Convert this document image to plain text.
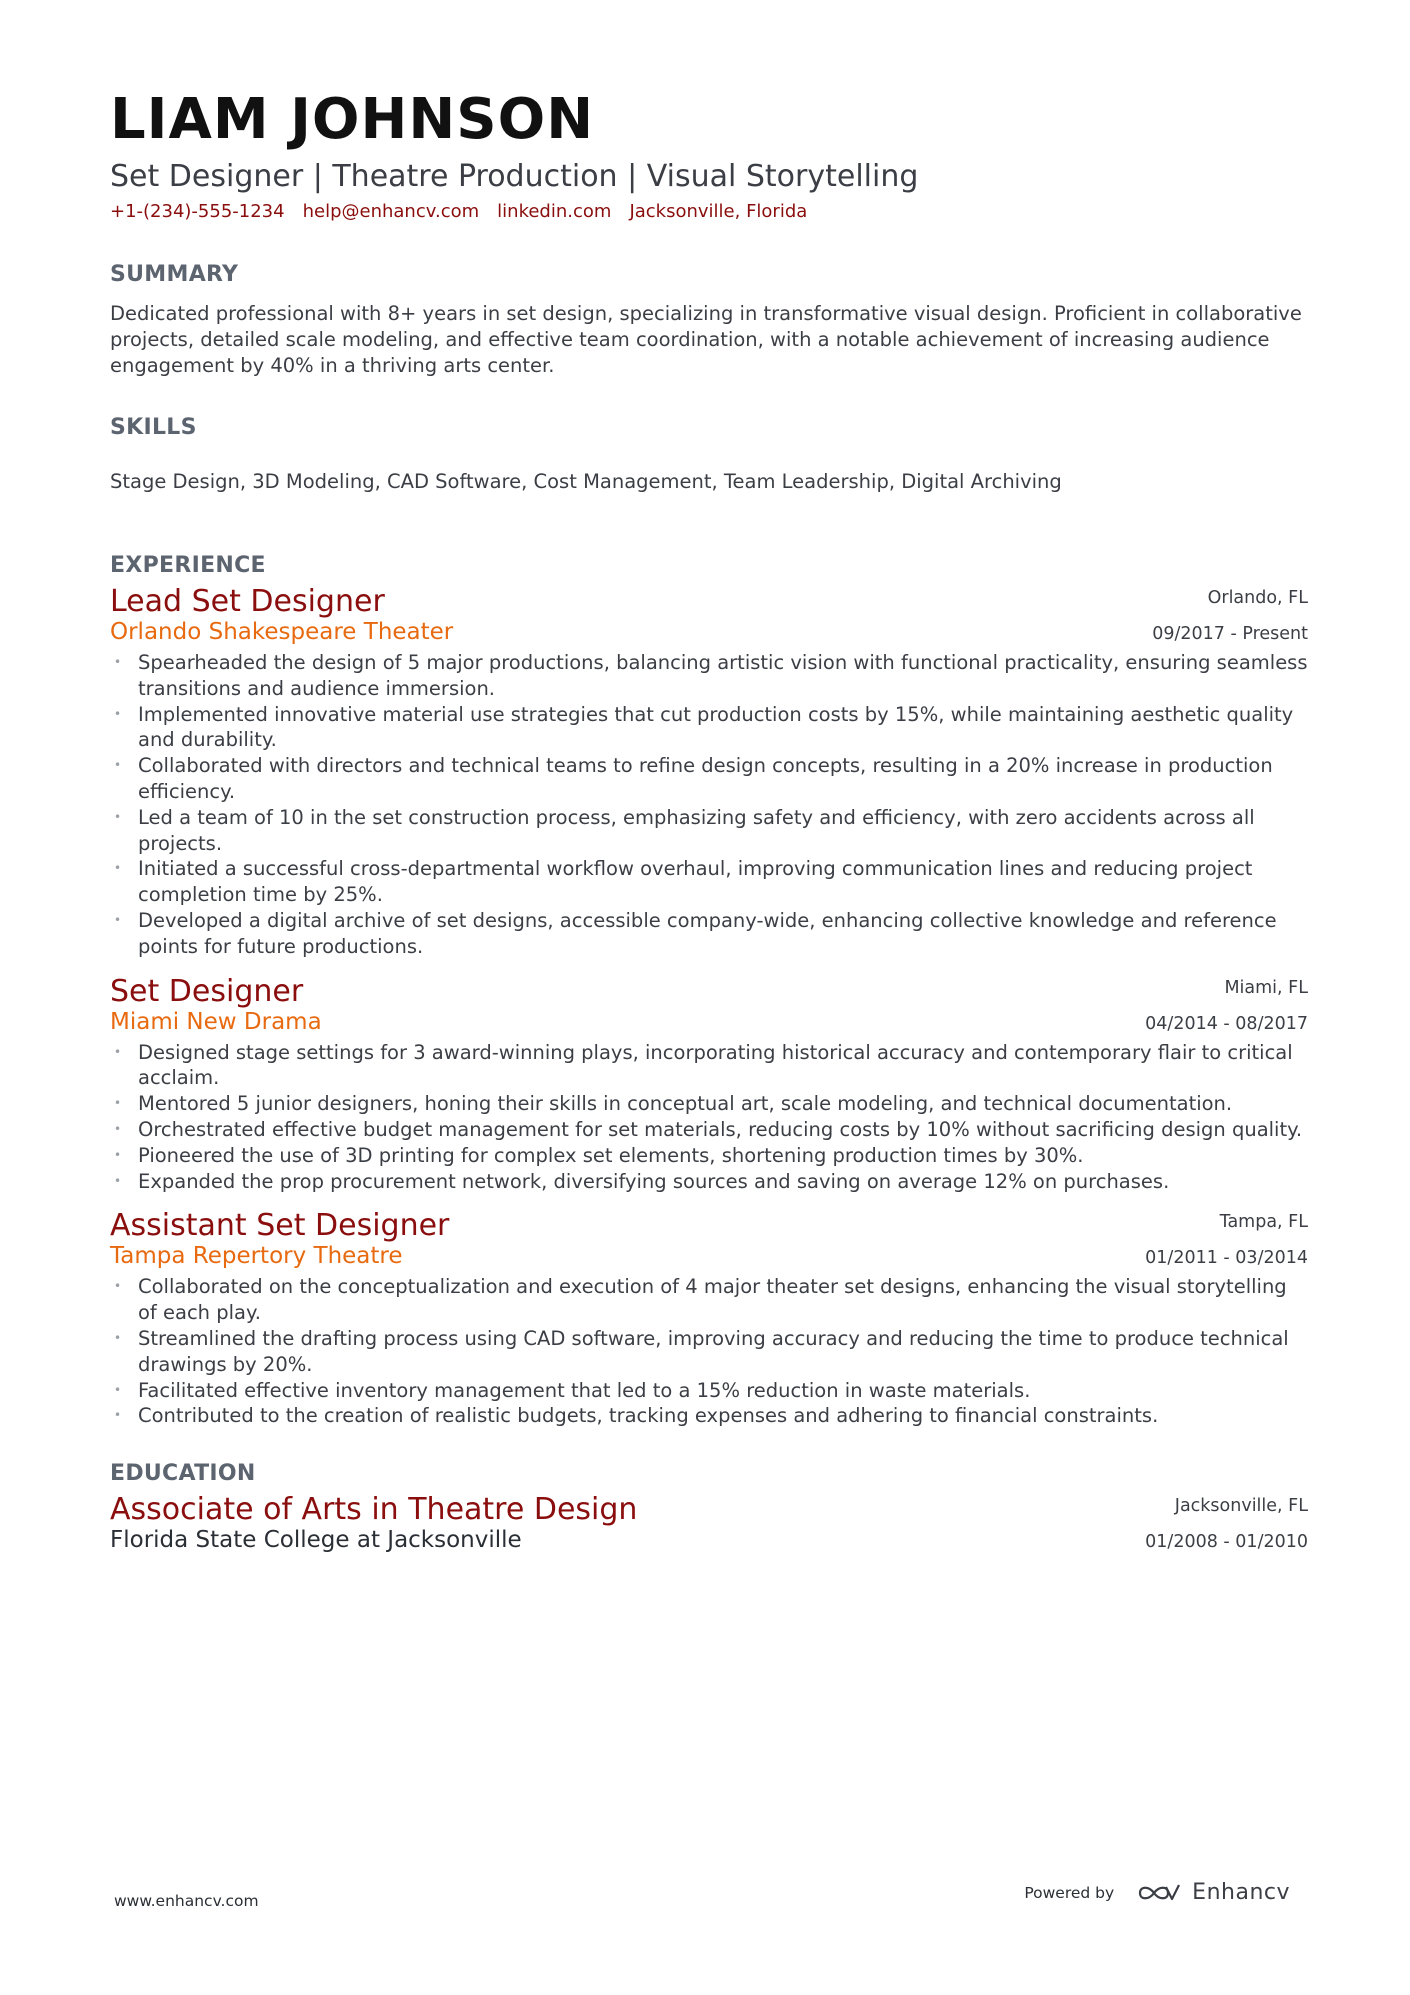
LIAM JOHNSON
Set Designer | Theatre Production | Visual Storytelling
+1-(234)-555-1234 help@enhancv.com linkedin.com Jacksonville, Florida
SUMMARY
Dedicated professional with 8+ years in set design, specializing in transformative visual design. Proficient in collaborative projects, detailed scale modeling, and effective team coordination, with a notable achievement of increasing audience engagement by 40% in a thriving arts center.
SKILLS
Stage Design, 3D Modeling, CAD Software, Cost Management, Team Leadership, Digital Archiving
EXPERIENCE
Lead Set Designer
Orlando Shakespeare Theater
Orlando, FL
09/2017 - Present
• Spearheaded the design of 5 major productions, balancing artistic vision with functional practicality, ensuring seamless transitions and audience immersion.
• Implemented innovative material use strategies that cut production costs by 15%, while maintaining aesthetic quality and durability.
• Collaborated with directors and technical teams to refine design concepts, resulting in a 20% increase in production efficiency.
• Led a team of 10 in the set construction process, emphasizing safety and efficiency, with zero accidents across all projects.
• Initiated a successful cross-departmental workflow overhaul, improving communication lines and reducing project completion time by 25%.
• Developed a digital archive of set designs, accessible company-wide, enhancing collective knowledge and reference points for future productions.
Set Designer
Miami New Drama
Miami, FL
04/2014 - 08/2017
• Designed stage settings for 3 award-winning plays, incorporating historical accuracy and contemporary flair to critical acclaim.
• Mentored 5 junior designers, honing their skills in conceptual art, scale modeling, and technical documentation.
• Orchestrated effective budget management for set materials, reducing costs by 10% without sacrificing design quality.
• Pioneered the use of 3D printing for complex set elements, shortening production times by 30%.
• Expanded the prop procurement network, diversifying sources and saving on average 12% on purchases.
Assistant Set Designer
Tampa Repertory Theatre
Tampa, FL
01/2011 - 03/2014
• Collaborated on the conceptualization and execution of 4 major theater set designs, enhancing the visual storytelling of each play.
• Streamlined the drafting process using CAD software, improving accuracy and reducing the time to produce technical drawings by 20%.
• Facilitated effective inventory management that led to a 15% reduction in waste materials.
• Contributed to the creation of realistic budgets, tracking expenses and adhering to financial constraints.
EDUCATION
Associate of Arts in Theatre Design
Florida State College at Jacksonville
Jacksonville, FL
01/2008 - 01/2010
www.enhancv.com	Powered by	Enhancv
